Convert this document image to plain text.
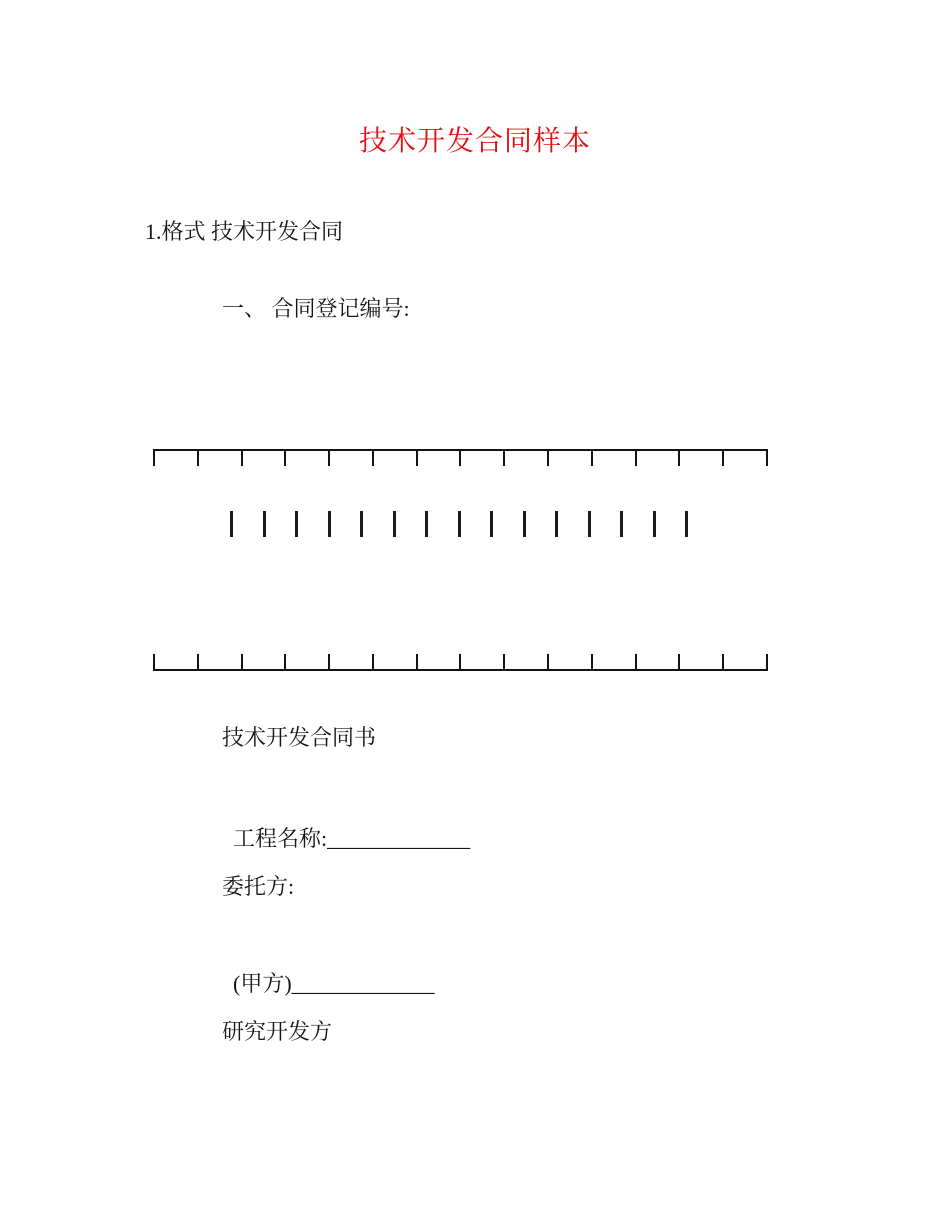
技术开发合同样本
1.格式 技术开发合同
一、 合同登记编号:
技术开发合同书

工程名称:_____________

委托方:

(甲方)_____________

研究开发方
